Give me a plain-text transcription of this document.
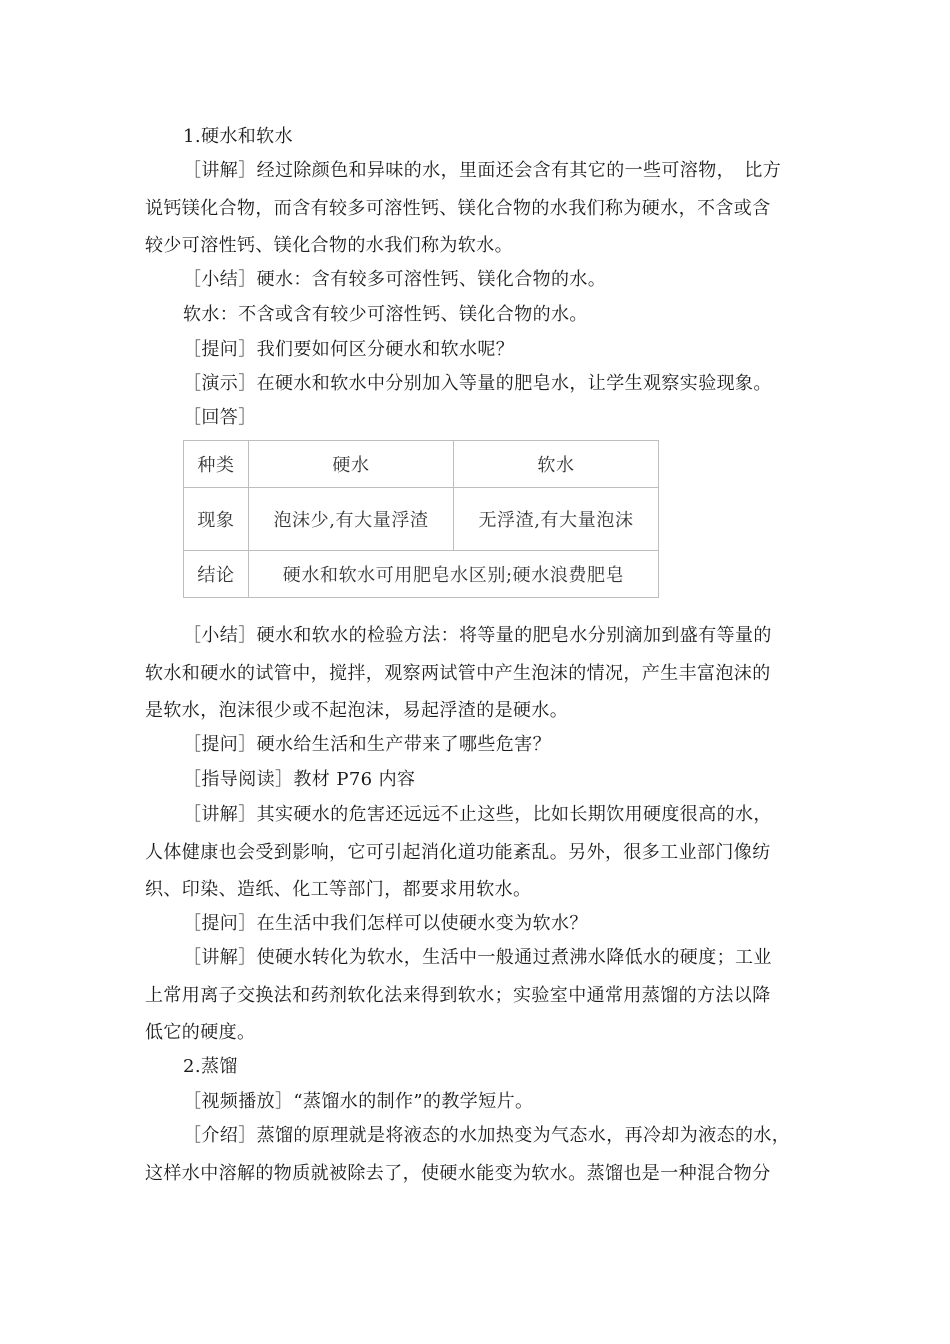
1.硬水和软水
［讲解］经过除颜色和异味的水，里面还会含有其它的一些可溶物，　比方
说钙镁化合物，而含有较多可溶性钙、镁化合物的水我们称为硬水，不含或含
较少可溶性钙、镁化合物的水我们称为软水。
［小结］硬水：含有较多可溶性钙、镁化合物的水。
软水：不含或含有较少可溶性钙、镁化合物的水。
［提问］我们要如何区分硬水和软水呢？
［演示］在硬水和软水中分别加入等量的肥皂水，让学生观察实验现象。
［回答］
种类	硬水	软水
现象	泡沫少,有大量浮渣	无浮渣,有大量泡沫
结论	硬水和软水可用肥皂水区别;硬水浪费肥皂	
［小结］硬水和软水的检验方法：将等量的肥皂水分别滴加到盛有等量的
软水和硬水的试管中，搅拌，观察两试管中产生泡沫的情况，产生丰富泡沫的
是软水，泡沫很少或不起泡沫，易起浮渣的是硬水。
［提问］硬水给生活和生产带来了哪些危害？
［指导阅读］教材 P76 内容
［讲解］其实硬水的危害还远远不止这些，比如长期饮用硬度很高的水，
人体健康也会受到影响，它可引起消化道功能紊乱。另外，很多工业部门像纺
织、印染、造纸、化工等部门，都要求用软水。
［提问］在生活中我们怎样可以使硬水变为软水？
［讲解］使硬水转化为软水，生活中一般通过煮沸水降低水的硬度；工业
上常用离子交换法和药剂软化法来得到软水；实验室中通常用蒸馏的方法以降
低它的硬度。
2.蒸馏
［视频播放］“蒸馏水的制作”的教学短片。
［介绍］蒸馏的原理就是将液态的水加热变为气态水，再冷却为液态的水，
这样水中溶解的物质就被除去了，使硬水能变为软水。蒸馏也是一种混合物分
